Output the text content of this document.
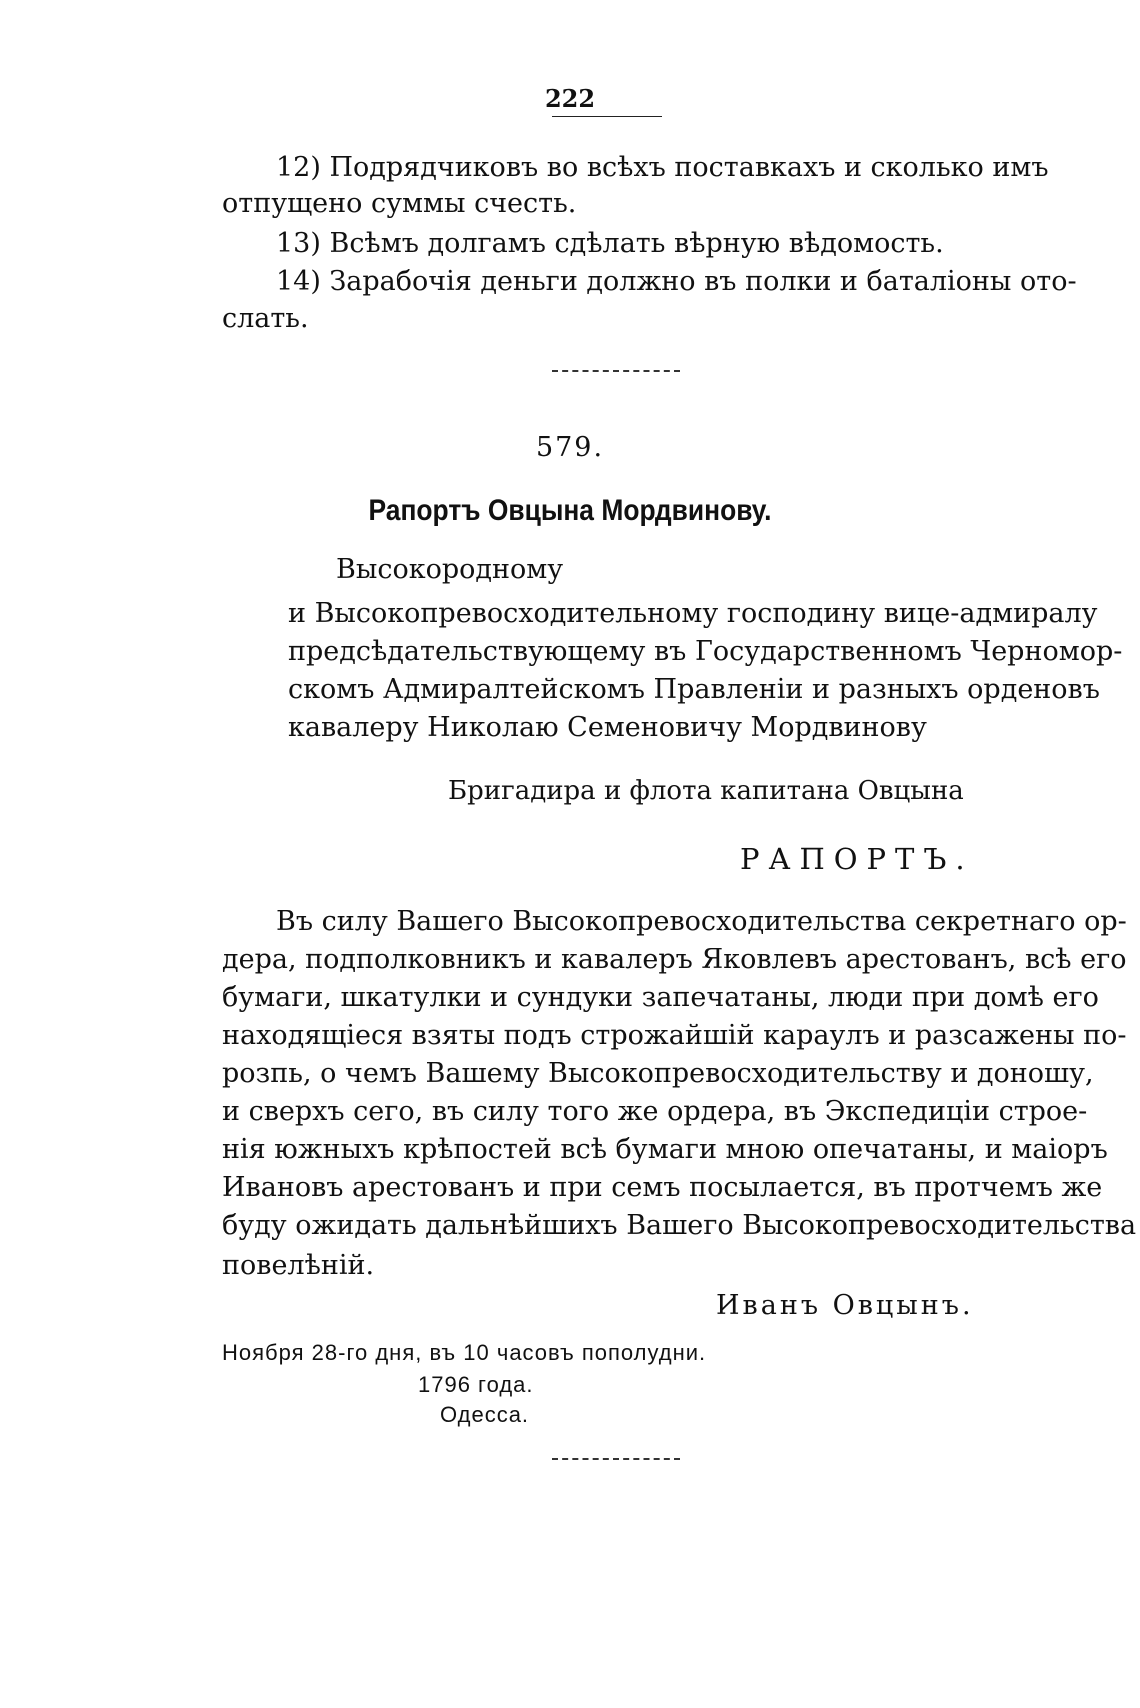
222
12) Подрядчиковъ во всѣхъ поставкахъ и сколько имъ
отпущено суммы счесть.
13) Всѣмъ долгамъ сдѣлать вѣрную вѣдомость.
14) Зарабочія деньги должно въ полки и баталіоны ото-
слать.
579.
Рапортъ Овцына Мордвинову.
Высокородному
и Высокопревосходительному господину вице-адмиралу
предсѣдательствующему въ Государственномъ Черномор-
скомъ Адмиралтейскомъ Правленіи и разныхъ орденовъ
кавалеру Николаю Семеновичу Мордвинову
Бригадира и флота капитана Овцына
РАПОРТЪ.
Въ силу Вашего Высокопревосходительства секретнаго ор-
дера, подполковникъ и кавалеръ Яковлевъ арестованъ, всѣ его
бумаги, шкатулки и сундуки запечатаны, люди при домѣ его
находящіеся взяты подъ строжайшій караулъ и разсажены по-
розпь, о чемъ Вашему Высокопревосходительству и доношу,
и сверхъ сего, въ силу того же ордера, въ Экспедиціи строе-
нія южныхъ крѣпостей всѣ бумаги мною опечатаны, и маіоръ
Ивановъ арестованъ и при семъ посылается, въ протчемъ же
буду ожидать дальнѣйшихъ Вашего Высокопревосходительства
повелѣній.
Иванъ Овцынъ.
Ноября 28-го дня, въ 10 часовъ пополудни.
1796 года.
Одесса.
